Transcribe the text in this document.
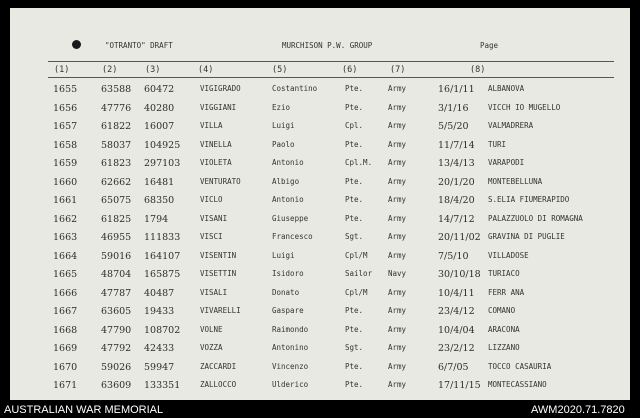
"OTRANTO" DRAFT	MURCHISON P.W. GROUP	Page
(1)	(2)	(3)	(4)	(5)	(6)	(7)	(8)
1655	63588 60472	VIGIGRADO	Costantino	Pte.	Army	16/1/11 ALBANOVA
1656	47776 40280	VIGGIANI	Ezio	Pte.	Army	3/1/16	VICCH IO MUGELLO
1657	61822 16007	VILLA	Luigi	Cpl.	Army	5/5/20	VALMADRERA
1658	58037 104925	VINELLA	Paolo	Pte.	Army	11/7/14 TURI
1659	61823 297103	VIOLETA	Antonio	Cpl.M. Army	13/4/13 VARAPODI
1660	62662 16481	VENTURATO	Albigo	Pte.	Army	20/1/20 MONTEBELLUNA
1661	65075 68350	VICLO	Antonio	Pte.	Army	18/4/20 S.ELIA FIUMERAPIDO
1662	61825 1794	VISANI	Giuseppe	Pte.	Army	14/7/12 PALAZZUOLO DI ROMAGNA
1663	46955 111833	VISCI	Francesco	Sgt.	Army	20/11/02 GRAVINA DI PUGLIE
1664	59016 164107	VISENTIN	Luigi	Cpl/M	Army	7/5/10	VILLADOSE
1665	48704 165875	VISETTIN	Isidoro	Sailor Navy	30/10/18 TURIACO
1666	47787 40487	VISALI	Donato	Cpl/M	Army	10/4/11 FERR ANA
1667	63605 19433	VIVARELLI	Gaspare	Pte.	Army	23/4/12 COMANO
1668	47790 108702	VOLNE	Raimondo	Pte.	Army	10/4/04 ARACONA
1669	47792 42433	VOZZA	Antonino	Sgt.	Army	23/2/12 LIZZANO
1670	59026 59947	ZACCARDI	Vincenzo	Pte.	Army	6/7/05	TOCCO CASAURIA
1671	63609 133351	ZALLOCCO	Ulderico	Pte.	Army	17/11/15 MONTECASSIANO
AUSTRALIAN WAR MEMORIAL	AWM2020.71.7820
